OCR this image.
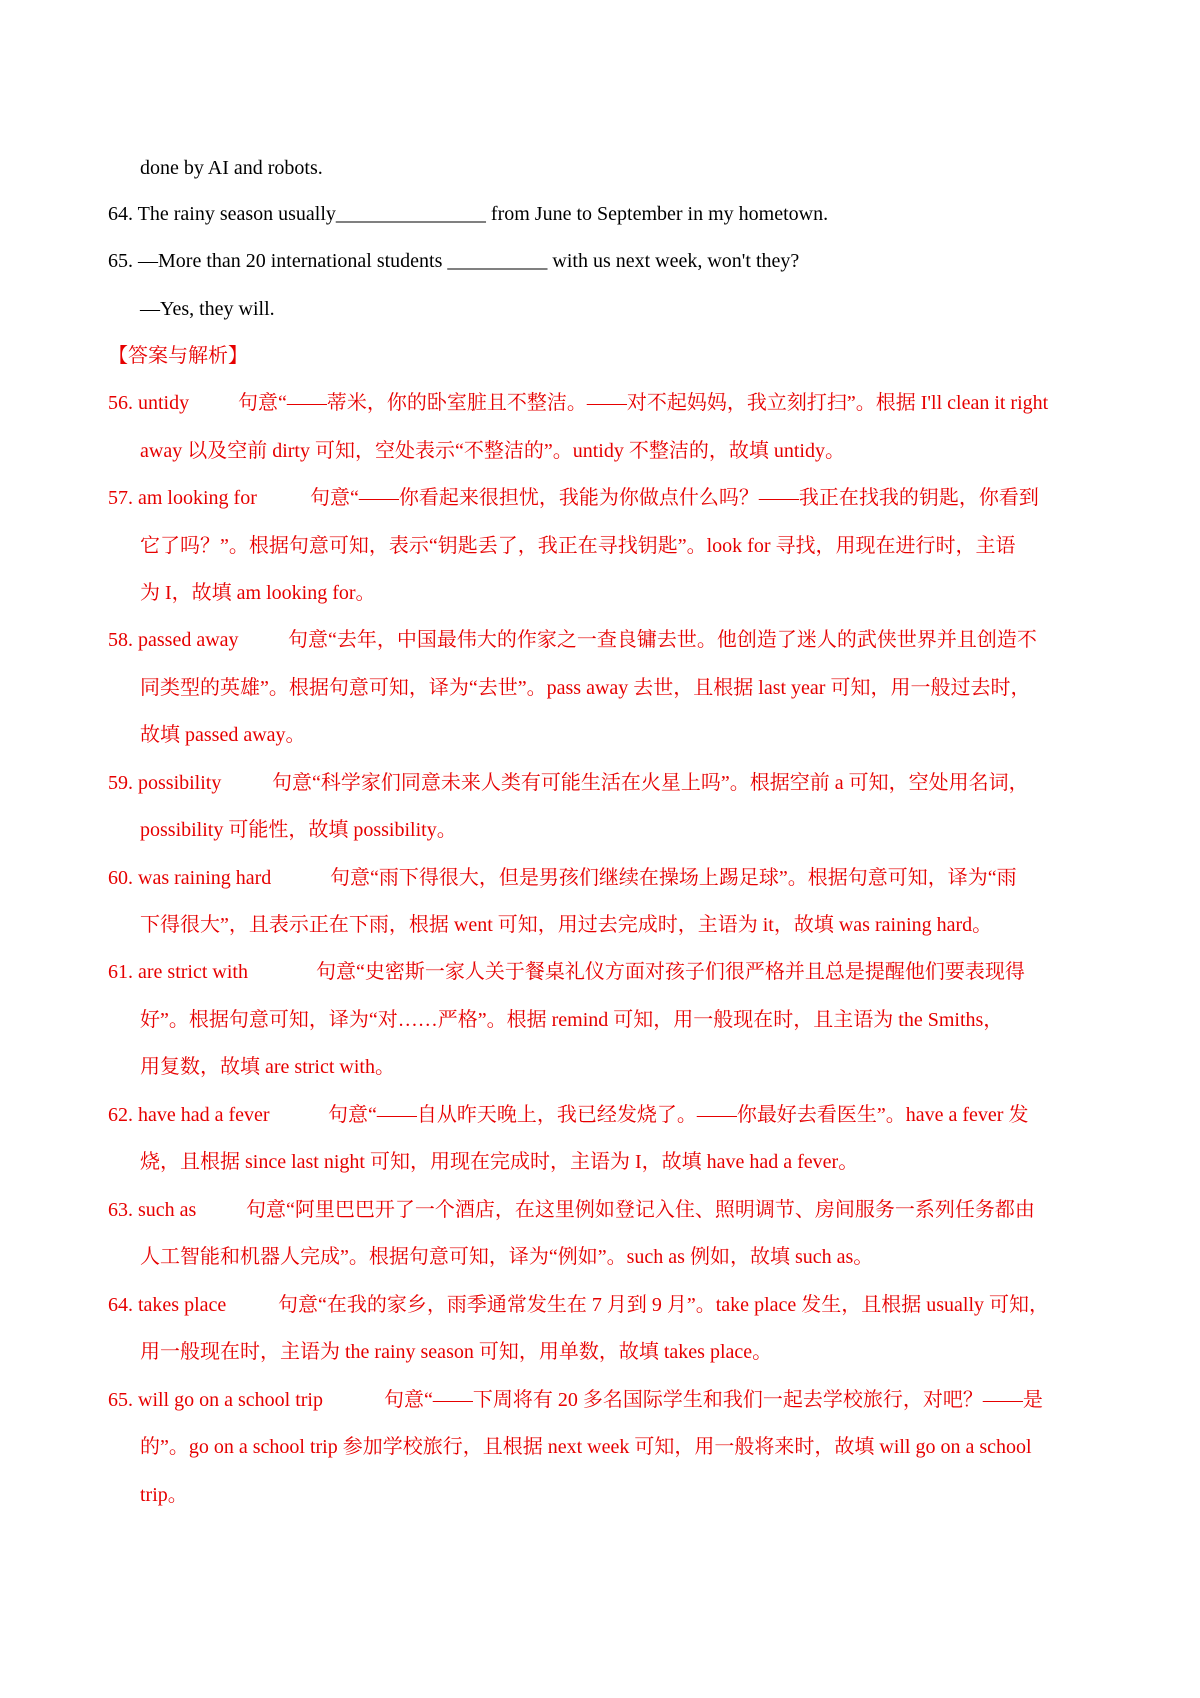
done by AI and robots.
64. The rainy season usually_______________ from June to September in my hometown.
65. —More than 20 international students __________ with us next week, won't they?
—Yes, they will.
【答案与解析】
56. untidy 句意“——蒂米，你的卧室脏且不整洁。——对不起妈妈，我立刻打扫”。根据 I'll clean it right
away 以及空前 dirty 可知，空处表示“不整洁的”。untidy 不整洁的，故填 untidy。
57. am looking for	句意“——你看起来很担忧，我能为你做点什么吗？——我正在找我的钥匙，你看到
它了吗？”。根据句意可知，表示“钥匙丢了，我正在寻找钥匙”。look for 寻找，用现在进行时，主语
为 I，故填 am looking for。
58. passed away 句意“去年，中国最伟大的作家之一查良镛去世。他创造了迷人的武侠世界并且创造不
同类型的英雄”。根据句意可知，译为“去世”。pass away 去世，且根据 last year 可知，用一般过去时，
故填 passed away。
59. possibility	句意“科学家们同意未来人类有可能生活在火星上吗”。根据空前 a 可知，空处用名词，
possibility 可能性，故填 possibility。
60. was raining hard	句意“雨下得很大，但是男孩们继续在操场上踢足球”。根据句意可知，译为“雨
下得很大”，且表示正在下雨，根据 went 可知，用过去完成时，主语为 it，故填 was raining hard。
61. are strict with	句意“史密斯一家人关于餐桌礼仪方面对孩子们很严格并且总是提醒他们要表现得
好”。根据句意可知，译为“对……严格”。根据 remind 可知，用一般现在时，且主语为 the Smiths，
用复数，故填 are strict with。
62. have had a fever	句意“——自从昨天晚上，我已经发烧了。——你最好去看医生”。have a fever 发
烧，且根据 since last night 可知，用现在完成时，主语为 I，故填 have had a fever。
63. such as 句意“阿里巴巴开了一个酒店，在这里例如登记入住、照明调节、房间服务一系列任务都由
人工智能和机器人完成”。根据句意可知，译为“例如”。such as 例如，故填 such as。
64. takes place	句意“在我的家乡，雨季通常发生在 7 月到 9 月”。take place 发生，且根据 usually 可知，
用一般现在时，主语为 the rainy season 可知，用单数，故填 takes place。
65. will go on a school trip	句意“——下周将有 20 多名国际学生和我们一起去学校旅行，对吧？——是
的”。go on a school trip 参加学校旅行，且根据 next week 可知，用一般将来时，故填 will go on a school
trip。
